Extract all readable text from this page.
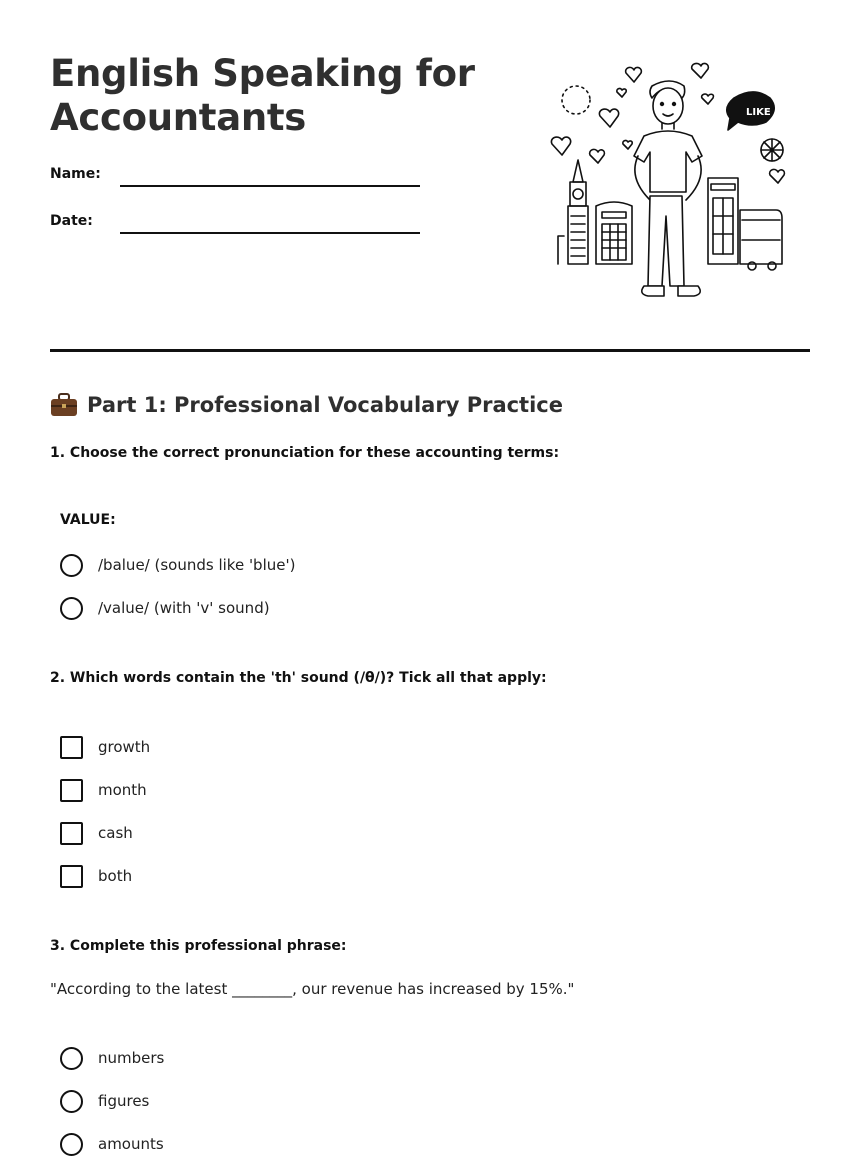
English Speaking for Accountants
Name:
Date:
LIKE
Part 1: Professional Vocabulary Practice

1. Choose the correct pronunciation for these accounting terms:

VALUE:

/balue/ (sounds like 'blue')
/value/ (with 'v' sound)

2. Which words contain the 'th' sound (/θ/)? Tick all that apply:

growth
month
cash
both

3. Complete this professional phrase:

"According to the latest ________, our revenue has increased by 15%."

numbers
figures
amounts
